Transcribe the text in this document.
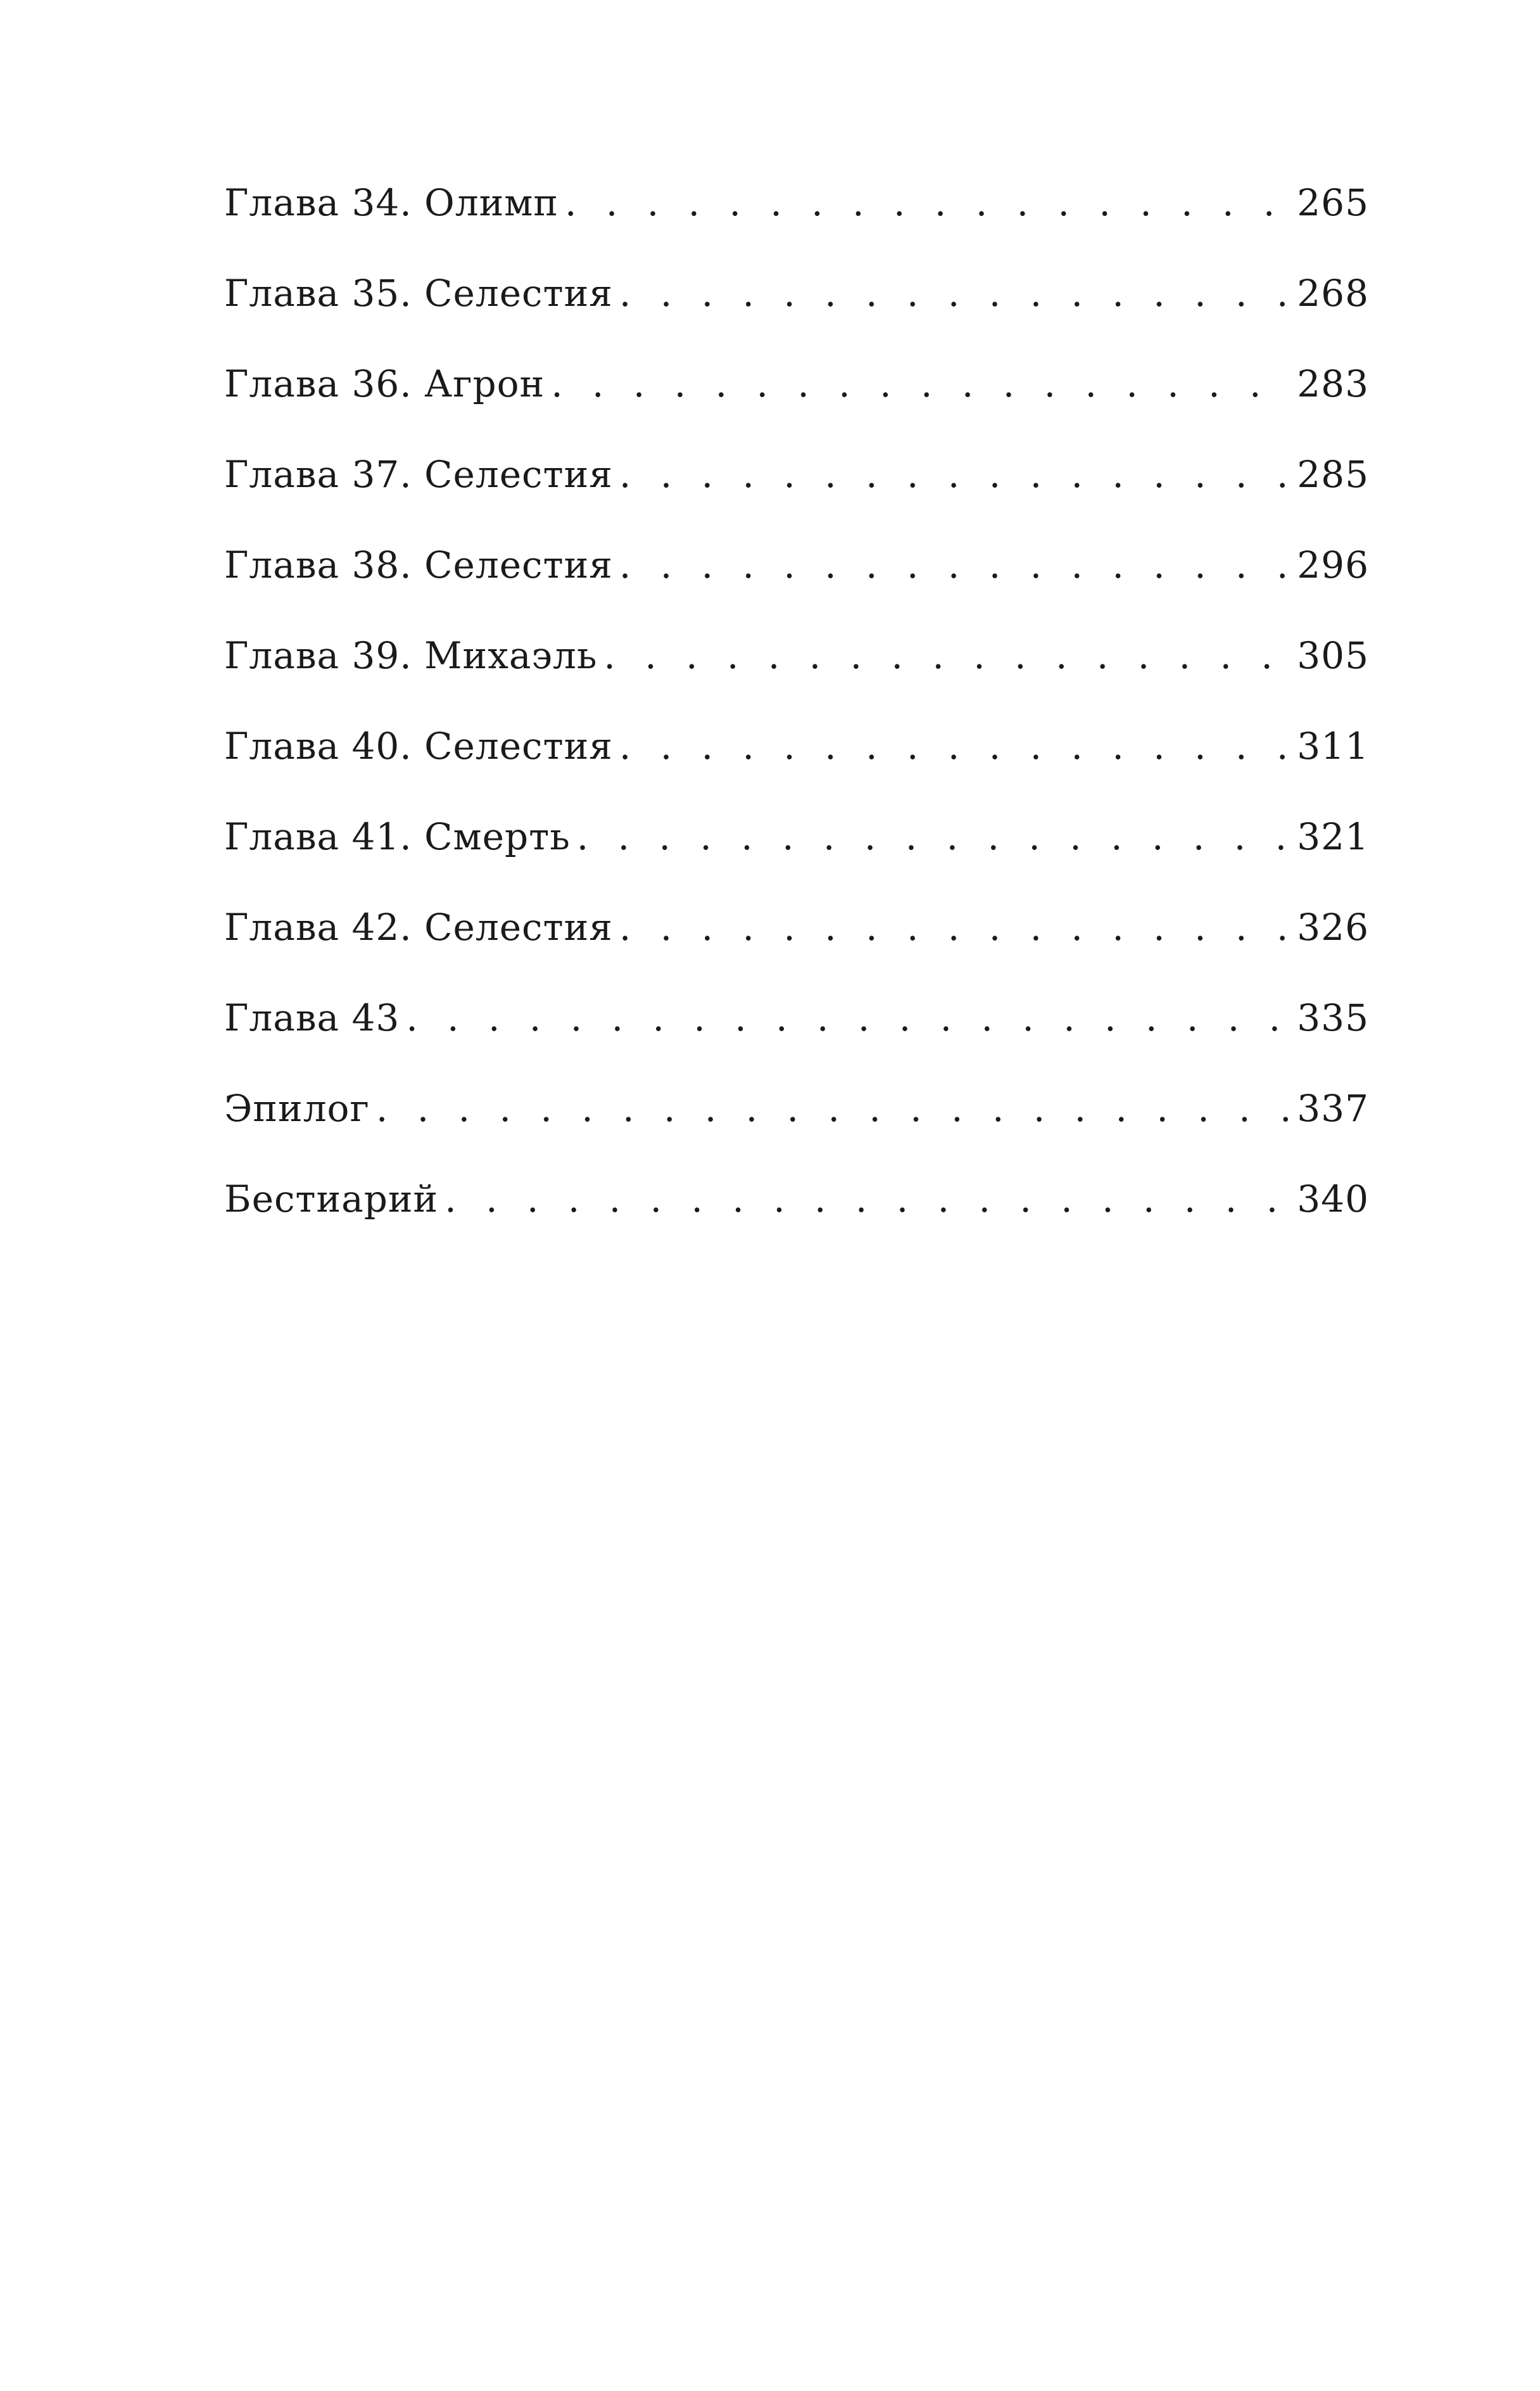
Глава 34. Олимп . . .	265
Глава 35. Селестия . . .	268
Глава 36. Агрон . . .	283
Глава 37. Селестия . . .	285
Глава 38. Селестия . . .	296
Глава 39. Михаэль . . .	305
Глава 40. Селестия . . .	311
Глава 41. Смерть . . .	321
Глава 42. Селестия . . .	326
Глава 43 . . .	335
Эпилог . . .	337
Бестиарий . . .	340
